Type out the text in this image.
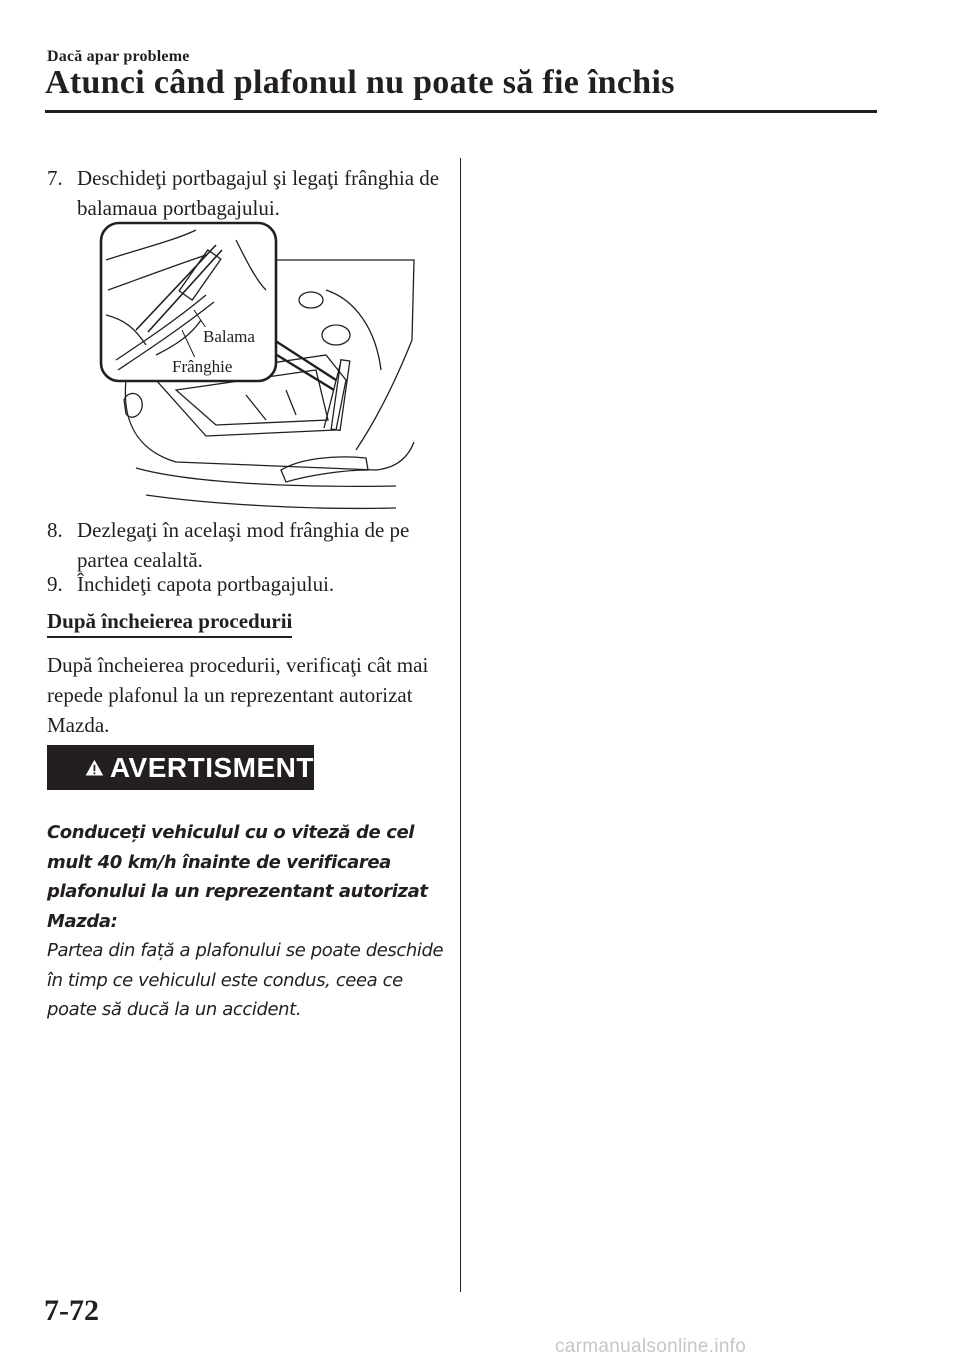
Dacă apar probleme
Atunci când plafonul nu poate să fie închis
7. Deschideţi portbagajul şi legaţi frânghia de balamaua portbagajului.
Balama
Frânghie
8. Dezlegaţi în acelaşi mod frânghia de pe partea cealaltă.
9. Închideţi capota portbagajului.
După încheierea procedurii
După încheierea procedurii, verificaţi cât mai repede plafonul la un reprezentant autorizat Mazda.
AVERTISMENT
Conduceți vehiculul cu o viteză de cel mult 40 km/h înainte de verificarea plafonului la un reprezentant autorizat Mazda:
Partea din față a plafonului se poate deschide în timp ce vehiculul este condus, ceea ce poate să ducă la un accident.
7-72
carmanualsonline.info
